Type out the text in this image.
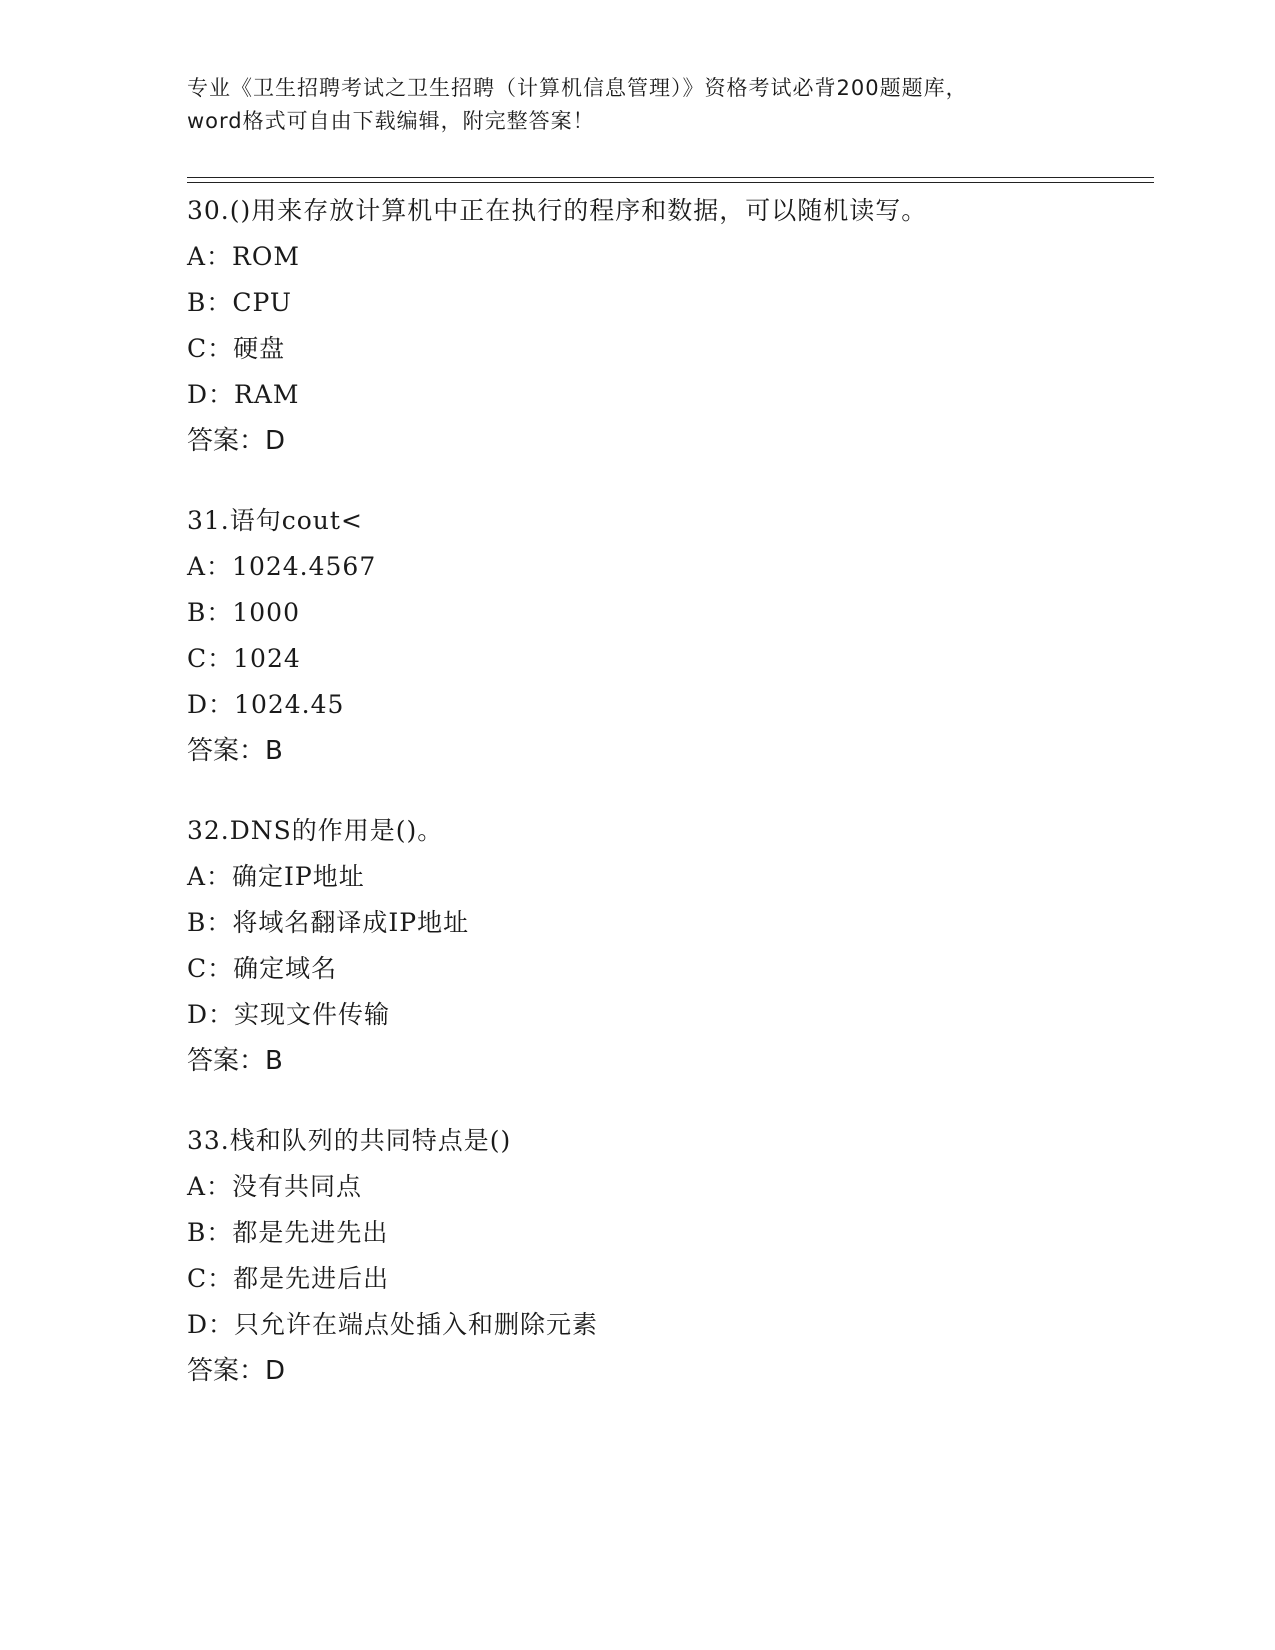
专业《卫生招聘考试之卫生招聘（计算机信息管理）》资格考试必背200题题库，
word格式可自由下载编辑，附完整答案！
30.()用来存放计算机中正在执行的程序和数据，可以随机读写。
A：ROM
B：CPU
C：硬盘
D：RAM
答案：D
31.语句cout<
A：1024.4567
B：1000
C：1024
D：1024.45
答案：B
32.DNS的作用是()。
A：确定IP地址
B：将域名翻译成IP地址
C：确定域名
D：实现文件传输
答案：B
33.栈和队列的共同特点是()
A：没有共同点
B：都是先进先出
C：都是先进后出
D：只允许在端点处插入和删除元素
答案：D
